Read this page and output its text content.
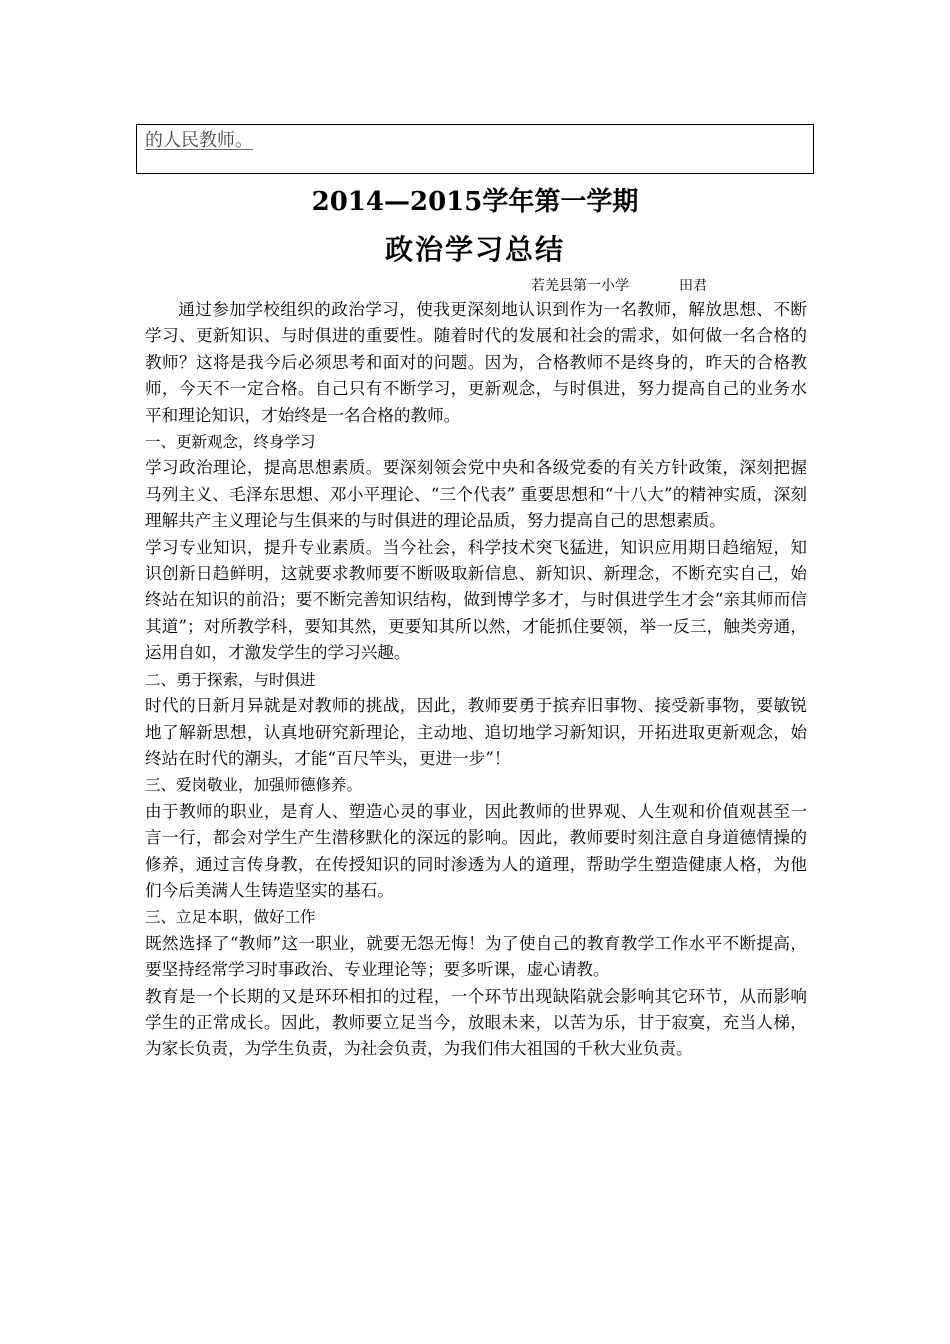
的人民教师。
2014—2015学年第一学期
政治学习总结
若羌县第一小学	田君

通过参加学校组织的政治学习，使我更深刻地认识到作为一名教师，解放思想、不断学习、更新知识、与时俱进的重要性。随着时代的发展和社会的需求，如何做一名合格的教师？这将是我今后必须思考和面对的问题。因为，合格教师不是终身的，昨天的合格教师，今天不一定合格。自己只有不断学习，更新观念，与时俱进，努力提高自己的业务水平和理论知识，才始终是一名合格的教师。

一、更新观念，终身学习

学习政治理论，提高思想素质。要深刻领会党中央和各级党委的有关方针政策，深刻把握马列主义、毛泽东思想、邓小平理论、“三个代表” 重要思想和“十八大”的精神实质，深刻理解共产主义理论与生俱来的与时俱进的理论品质，努力提高自己的思想素质。

学习专业知识，提升专业素质。当今社会，科学技术突飞猛进，知识应用期日趋缩短，知识创新日趋鲜明，这就要求教师要不断吸取新信息、新知识、新理念，不断充实自己，始终站在知识的前沿；要不断完善知识结构，做到博学多才，与时俱进学生才会“亲其师而信其道”；对所教学科，要知其然，更要知其所以然，才能抓住要领，举一反三，触类旁通，运用自如，才激发学生的学习兴趣。

二、勇于探索，与时俱进

时代的日新月异就是对教师的挑战，因此，教师要勇于摈弃旧事物、接受新事物，要敏锐地了解新思想，认真地研究新理论，主动地、追切地学习新知识，开拓进取更新观念，始终站在时代的潮头，才能“百尺竿头，更进一步”！

三、爱岗敬业，加强师德修养。

由于教师的职业，是育人、塑造心灵的事业，因此教师的世界观、人生观和价值观甚至一言一行，都会对学生产生潜移默化的深远的影响。因此，教师要时刻注意自身道德情操的修养，通过言传身教，在传授知识的同时渗透为人的道理，帮助学生塑造健康人格，为他们今后美满人生铸造坚实的基石。

三、立足本职，做好工作

既然选择了“教师”这一职业，就要无怨无悔！为了使自己的教育教学工作水平不断提高，要坚持经常学习时事政治、专业理论等；要多听课，虚心请教。

教育是一个长期的又是环环相扣的过程，一个环节出现缺陷就会影响其它环节，从而影响学生的正常成长。因此，教师要立足当今，放眼未来，以苦为乐，甘于寂寞，充当人梯，为家长负责，为学生负责，为社会负责，为我们伟大祖国的千秋大业负责。
